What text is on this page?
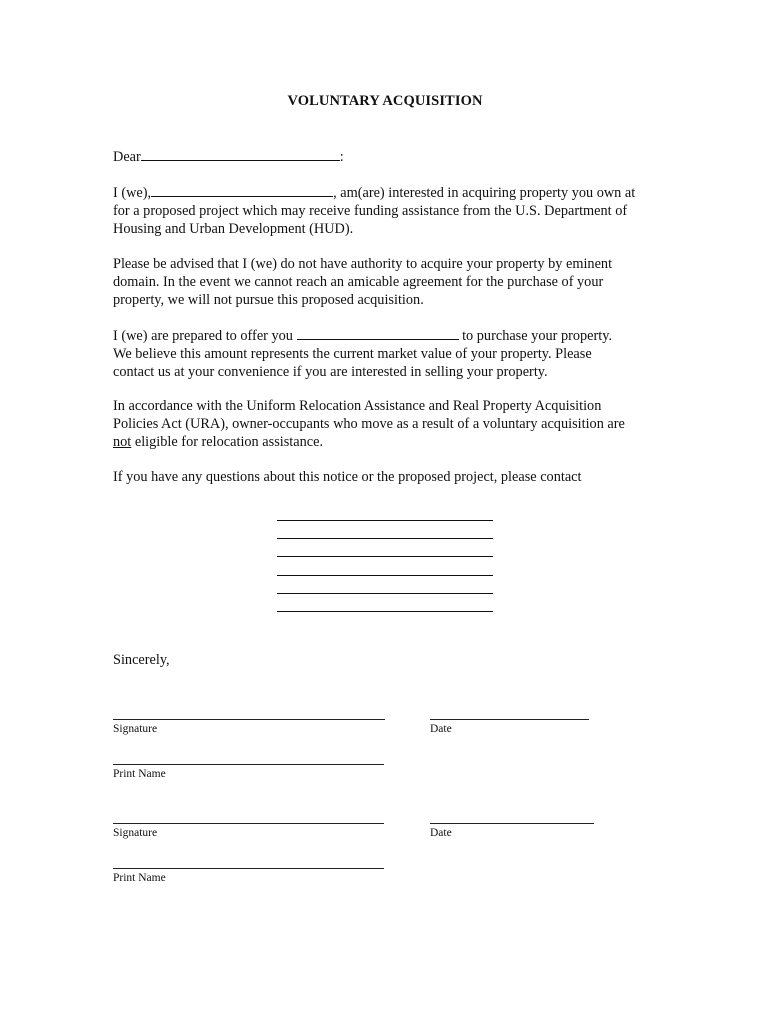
VOLUNTARY ACQUISITION
Dear	:
I (we),	, am(are) interested in acquiring property you own at
for a proposed project which may receive funding assistance from the U.S. Department of
Housing and Urban Development (HUD).
Please be advised that I (we) do not have authority to acquire your property by eminent
domain. In the event we cannot reach an amicable agreement for the purchase of your
property, we will not pursue this proposed acquisition.
I (we) are prepared to offer you	to purchase your property.
We believe this amount represents the current market value of your property. Please
contact us at your convenience if you are interested in selling your property.
In accordance with the Uniform Relocation Assistance and Real Property Acquisition
Policies Act (URA), owner-occupants who move as a result of a voluntary acquisition are
not eligible for relocation assistance.
If you have any questions about this notice or the proposed project, please contact
Sincerely,
Signature	Date
Print Name
Signature	Date
Print Name
